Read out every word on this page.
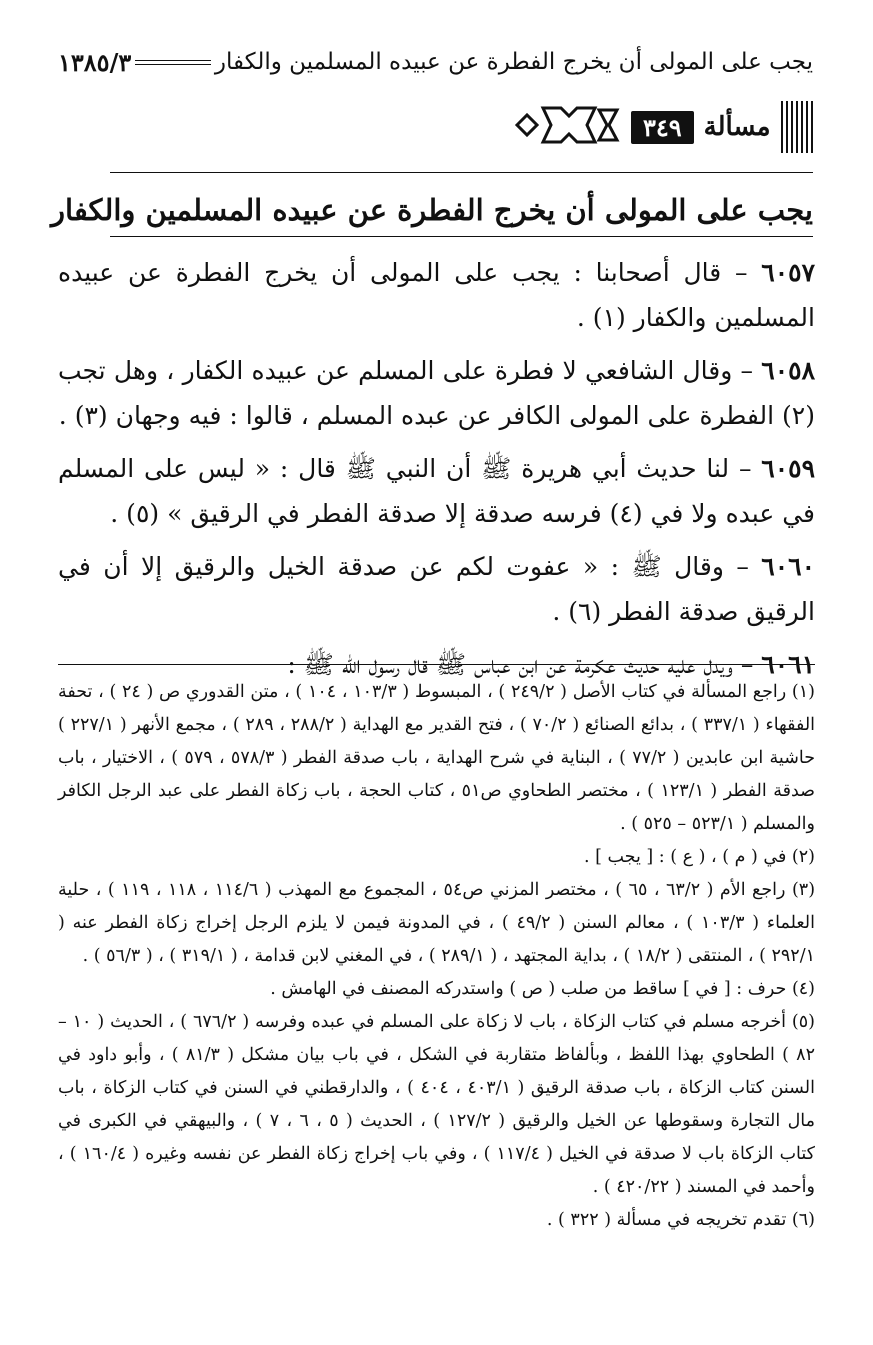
يجب على المولى أن يخرج الفطرة عن عبيده المسلمين والكفار
١٣٨٥/٣
مسألة
٣٤٩
يجب على المولى أن يخرج الفطرة عن عبيده المسلمين والكفار

٦٠٥٧ – قال أصحابنا : يجب على المولى أن يخرج الفطرة عن عبيده المسلمين والكفار (١) .

٦٠٥٨ – وقال الشافعي لا فطرة على المسلم عن عبيده الكفار ، وهل تجب (٢) الفطرة على المولى الكافر عن عبده المسلم ، قالوا : فيه وجهان (٣) .

٦٠٥٩ – لنا حديث أبي هريرة ﷺ أن النبي ﷺ قال : « ليس على المسلم في عبده ولا في (٤) فرسه صدقة إلا صدقة الفطر في الرقيق » (٥) .

٦٠٦٠ – وقال ﷺ : « عفوت لكم عن صدقة الخيل والرقيق إلا أن في الرقيق صدقة الفطر (٦) .

٦٠٦١ – ويدل عليه حديث عكرمة عن ابن عباس ﷺ قال رسول الله ﷺ :

(١) راجع المسألة في كتاب الأصل ( ٢٤٩/٢ ) ، المبسوط ( ١٠٣/٣ ، ١٠٤ ) ، متن القدوري ص ( ٢٤ ) ، تحفة الفقهاء ( ٣٣٧/١ ) ، بدائع الصنائع ( ٧٠/٢ ) ، فتح القدير مع الهداية ( ٢٨٨/٢ ، ٢٨٩ ) ، مجمع الأنهر ( ٢٢٧/١ ) حاشية ابن عابدين ( ٧٧/٢ ) ، البناية في شرح الهداية ، باب صدقة الفطر ( ٥٧٨/٣ ، ٥٧٩ ) ، الاختيار ، باب صدقة الفطر ( ١٢٣/١ ) ، مختصر الطحاوي ص٥١ ، كتاب الحجة ، باب زكاة الفطر على عبد الرجل الكافر والمسلم ( ٥٢٣/١ – ٥٢٥ ) .

(٢) في ( م ) ، ( ع ) : [ يجب ] .

(٣) راجع الأم ( ٦٣/٢ ، ٦٥ ) ، مختصر المزني ص٥٤ ، المجموع مع المهذب ( ١١٤/٦ ، ١١٨ ، ١١٩ ) ، حلية العلماء ( ١٠٣/٣ ) ، معالم السنن ( ٤٩/٢ ) ، في المدونة فيمن لا يلزم الرجل إخراج زكاة الفطر عنه ( ٢٩٢/١ ) ، المنتقى ( ١٨/٢ ) ، بداية المجتهد ، ( ٢٨٩/١ ) ، في المغني لابن قدامة ، ( ٣١٩/١ ) ، ( ٥٦/٣ ) .

(٤) حرف : [ في ] ساقط من صلب ( ص ) واستدركه المصنف في الهامش .

(٥) أخرجه مسلم في كتاب الزكاة ، باب لا زكاة على المسلم في عبده وفرسه ( ٦٧٦/٢ ) ، الحديث ( ١٠ – ٨٢ ) الطحاوي بهذا اللفظ ، وبألفاظ متقاربة في الشكل ، في باب بيان مشكل ( ٨١/٣ ) ، وأبو داود في السنن كتاب الزكاة ، باب صدقة الرقيق ( ٤٠٣/١ ، ٤٠٤ ) ، والدارقطني في السنن في كتاب الزكاة ، باب مال التجارة وسقوطها عن الخيل والرقيق ( ١٢٧/٢ ) ، الحديث ( ٥ ، ٦ ، ٧ ) ، والبيهقي في الكبرى في كتاب الزكاة باب لا صدقة في الخيل ( ١١٧/٤ ) ، وفي باب إخراج زكاة الفطر عن نفسه وغيره ( ١٦٠/٤ ) ، وأحمد في المسند ( ٤٢٠/٢٢ ) .

(٦) تقدم تخريجه في مسألة ( ٣٢٢ ) .
